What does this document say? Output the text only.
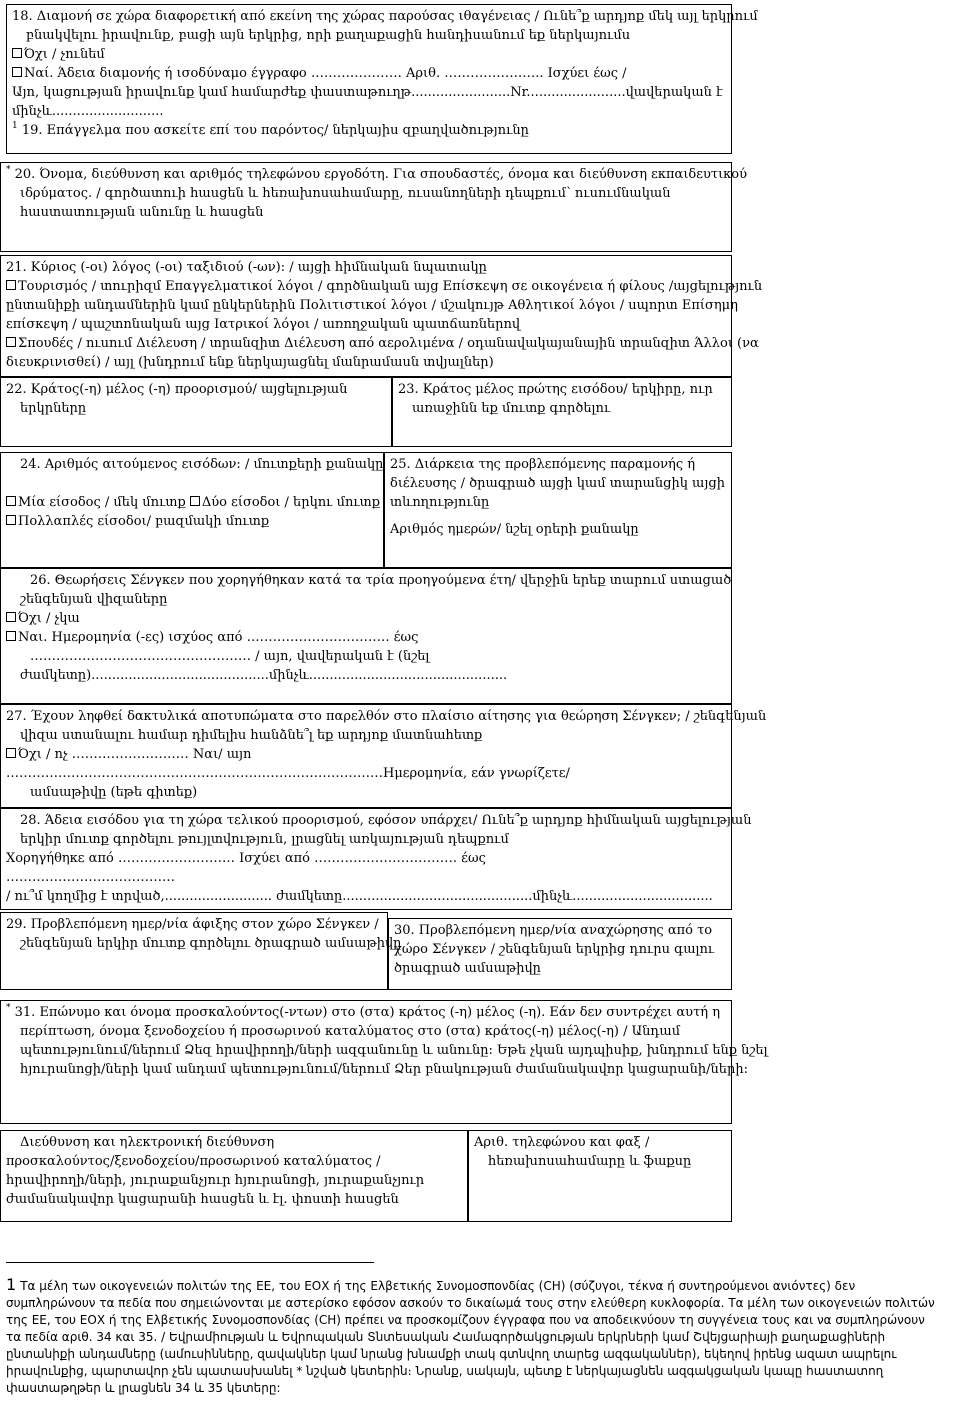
18. Διαμονή σε χώρα διαφορετική από εκείνη της χώρας παρούσας ιθαγένειας / Ունե՞ք արդյոք մեկ այլ երկրում
բնակվելու իրավունք, բացի այն երկրից, որի քաղաքացին հանդիսանում եք ներկայումս
Όχι / չունեմ
Ναί. Άδεια διαμονής ή ισοδύναμο έγγραφο ………………… Αριθ. ………………….. Ισχύει έως /
Այո, կացության իրավունք կամ համարժեք փաստաթուղթ........................Nr........................վավերական է
մինչև...........................
$^1$ 19. Επάγγελμα που ασκείτε επί του παρόντος/ ներկայիս զբաղվածությունը
* 20. Όνομα, διεύθυνση και αριθμός τηλεφώνου εργοδότη. Για σπουδαστές, όνομα και διεύθυνση εκπαιδευτικού
ιδρύματος. / գործատուի հասցեն և հեռախոսահամարը, ուսանողների դեպքում՝ ուսումնական
հաստատության անունը և հասցեն
21. Κύριος (-οι) λόγος (-οι) ταξιδιού (-ων): / այցի հիմնական նպատակը
Τουρισμός / տուրիզմ Επαγγελματικοί λόγοι / գործնական այց Επίσκεψη σε οικογένεια ή φίλους /այցելություն
ընտանիքի անդամներին կամ ընկերներին Πολιτιστικοί λόγοι / մշակույթ Αθλητικοί λόγοι / սպորտ Επίσημη
επίσκεψη / պաշտոնական այց Ιατρικοί λόγοι / առողջական պատճառներով
Σπουδές / ուսում Διέλευση / տրանզիտ Διέλευση από αερολιμένα / օդանավակայանային տրանզիտ Άλλοι (να
διευκρινισθεί) / այլ (խնդրում ենք ներկայացնել մանրամասն տվյալներ)
22. Κράτος(-η) μέλος (-η) προορισμού/ այցելության
երկրները
23. Κράτος μέλος πρώτης εισόδου/ երկիրը, ուր
առաջինն եք մուտք գործելու
24. Αριθμός αιτούμενος εισόδων: / մուտքերի քանակը
Μία είσοδος / մեկ մուտք Δύο είσοδοι / երկու մուտք
Πολλαπλές είσοδοι/ բազմակի մուտք
25. Διάρκεια της προβλεπόμενης παραμονής ή
διέλευσης / ծրագրած այցի կամ տարանցիկ այցի
տևողությունը
Αριθμός ημερών/ նշել օրերի քանակը
26. Θεωρήσεις Σένγκεν που χορηγήθηκαν κατά τα τρία προηγούμενα έτη/ վերջին երեք տարում ստացած
շենգենյան վիզաները
Όχι / չկա
Ναι. Ημερομηνία (-ες) ισχύος από …………………………… έως
…………………………………………… / այո, վավերական է (նշել
ժամկետը)...........................................մինչև................................................
27. Έχουν ληφθεί δακτυλικά αποτυπώματα στο παρελθόν στο πλαίσιο αίτησης για θεώρηση Σένγκεν; / շենգենյան
վիզա ստանալու համար դիմելիս հանձնե՞լ եք արդյոք մատնահետք
Όχι / ոչ ……………………… Ναι/ այո
……………………………………………………………………………Ημερομηνία, εάν γνωρίζετε/
ամսաթիվը (եթե գիտեք)
28. Άδεια εισόδου για τη χώρα τελικού προορισμού, εφόσον υπάρχει/ Ունե՞ք արդյոք հիմնական այցելության
երկիր մուտք գործելու թույլտվություն, լրացնել առկայության դեպքում
Χορηγήθηκε από ……………………… Ισχύει από …………………………… έως
…………………………………
/ ու՞մ կողմից է տրված,.......................... ժամկետը..............................................մինչև..................................
29. Προβλεπόμενη ημερ/νία άφιξης στον χώρο Σένγκεν /
շենգենյան երկիր մուտք գործելու ծրագրած ամսաթիվը
30. Προβλεπόμενη ημερ/νία αναχώρησης από το
χώρο Σένγκεν / շենգենյան երկրից դուրս գալու
ծրագրած ամսաթիվը
* 31. Επώνυμο και όνομα προσκαλούντος(-ντων) στο (στα) κράτος (-η) μέλος (-η). Εάν δεν συντρέχει αυτή η
περίπτωση, όνομα ξενοδοχείου ή προσωρινού καταλύματος στο (στα) κράτος(-η) μέλος(-η) / Անդամ
պետությունում/ներում Ձեզ հրավիրողի/ների ազգանունը և անունը: Եթե չկան այդպիսիք, խնդրում ենք նշել
հյուրանոցի/ների կամ անդամ պետությունում/ներում Ձեր բնակության ժամանակավոր կացարանի/ների:
Διεύθυνση και ηλεκτρονική διεύθυνση
προσκαλούντος/ξενοδοχείου/προσωρινού καταλύματος /
հրավիրողի/ների, յուրաքանչյուր հյուրանոցի, յուրաքանչյուր
ժամանակավոր կացարանի հասցեն և էլ. փոստի հասցեն
Αριθ. τηλεφώνου και φαξ /
հեռախոսահամարը և ֆաքսը
1 Τα μέλη των οικογενειών πολιτών της ΕΕ, του ΕΟΧ ή της Ελβετικής Συνομοσπονδίας (CH) (σύζυγοι, τέκνα ή συντηρούμενοι ανιόντες) δεν
συμπληρώνουν τα πεδία που σημειώνονται με αστερίσκο εφόσον ασκούν το δικαίωμά τους στην ελεύθερη κυκλοφορία. Τα μέλη των οικογενειών πολιτών
της ΕΕ, του ΕΟΧ ή της Ελβετικής Συνομοσπονδίας (CH) πρέπει να προσκομίζουν έγγραφα που να αποδεικνύουν τη συγγένεια τους και να συμπληρώνουν
τα πεδία αριθ. 34 και 35. / Եվրամիության և Եվրոպական Տնտեսական Համագործակցության երկրների կամ Շվեյցարիայի քաղաքացիների
ընտանիքի անդամները (ամուսինները, զավակներ կամ նրանց խնամքի տակ գտնվող տարեց ազգականներ), եկեղով իրենց ազատ ապրելու
իրավունքից, պարտավոր չեն պատասխանել * նշված կետերին։ Նրանք, սակայն, պետք է ներկայացնեն ազգակցական կապը հաստատող
փաստաթղթեր և լրացնեն 34 և 35 կետերը:
